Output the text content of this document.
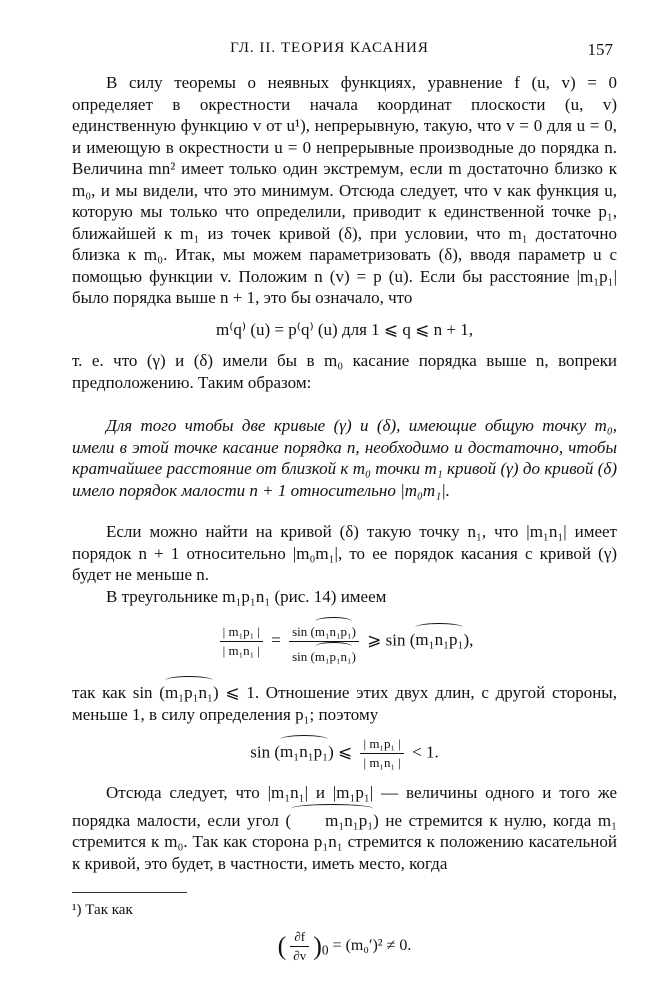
ГЛ. II. ТЕОРИЯ КАСАНИЯ	157

В силу теоремы о неявных функциях, уравнение f (u, v) = 0 определяет в окрестности начала координат плоскости (u, v) единственную функцию v от u¹), непрерывную, такую, что v = 0 для u = 0, и имеющую в окрестности u = 0 непрерывные производные до порядка n. Величина mn² имеет только один экстремум, если m достаточно близко к m₀, и мы видели, что это минимум. Отсюда следует, что v как функция u, которую мы только что определили, приводит к единственной точке p₁, ближайшей к m₁ из точек кривой (δ), при условии, что m₁ достаточно близка к m₀. Итак, мы можем параметризовать (δ), вводя параметр u с помощью функции v. Положим n (v) = p (u). Если бы расстояние |m₁p₁| было порядка выше n + 1, это бы означало, что

m⁽q⁾ (u) = p⁽q⁾ (u) для 1 ⩽ q ⩽ n + 1,

т. е. что (γ) и (δ) имели бы в m₀ касание порядка выше n, вопреки предположению. Таким образом:

Для того чтобы две кривые (γ) и (δ), имеющие общую точку m₀, имели в этой точке касание порядка n, необходимо и достаточно, чтобы кратчайшее расстояние от близкой к m₀ точки m₁ кривой (γ) до кривой (δ) имело порядок малости n + 1 относительно |m₀m₁|.

Если можно найти на кривой (δ) такую точку n₁, что |m₁n₁| имеет порядок n + 1 относительно |m₀m₁|, то ее порядок касания с кривой (γ) будет не меньше n.

В треугольнике m₁p₁n₁ (рис. 14) имеем

$\frac{\text{| m₁p₁ |}}{\text{| m₁n₁ |}} = \frac{\text{sin (m₁n₁p₁)}}{\text{sin (m₁p₁n₁)}}$ ⩾ sin (m₁n₁p₁),

так как sin (m₁p₁n₁) ⩽ 1. Отношение этих двух длин, с другой стороны, меньше 1, в силу определения p₁; поэтому

sin (m₁n₁p₁) ⩽ $\frac{\text{| m₁p₁ |}}{\text{| m₁n₁ |}} < 1$.

Отсюда следует, что |m₁n₁| и |m₁p₁| — величины одного и того же порядка малости, если угол ( m₁n₁p₁) не стремится к нулю, когда m₁ стремится к m₀. Так как сторона p₁n₁ стремится к положению касательной к кривой, это будет, в частности, иметь место, когда

¹) Так как
( $\frac{\partial f}{\partial v} )_0 = (m_0')^2 \ne 0$.
